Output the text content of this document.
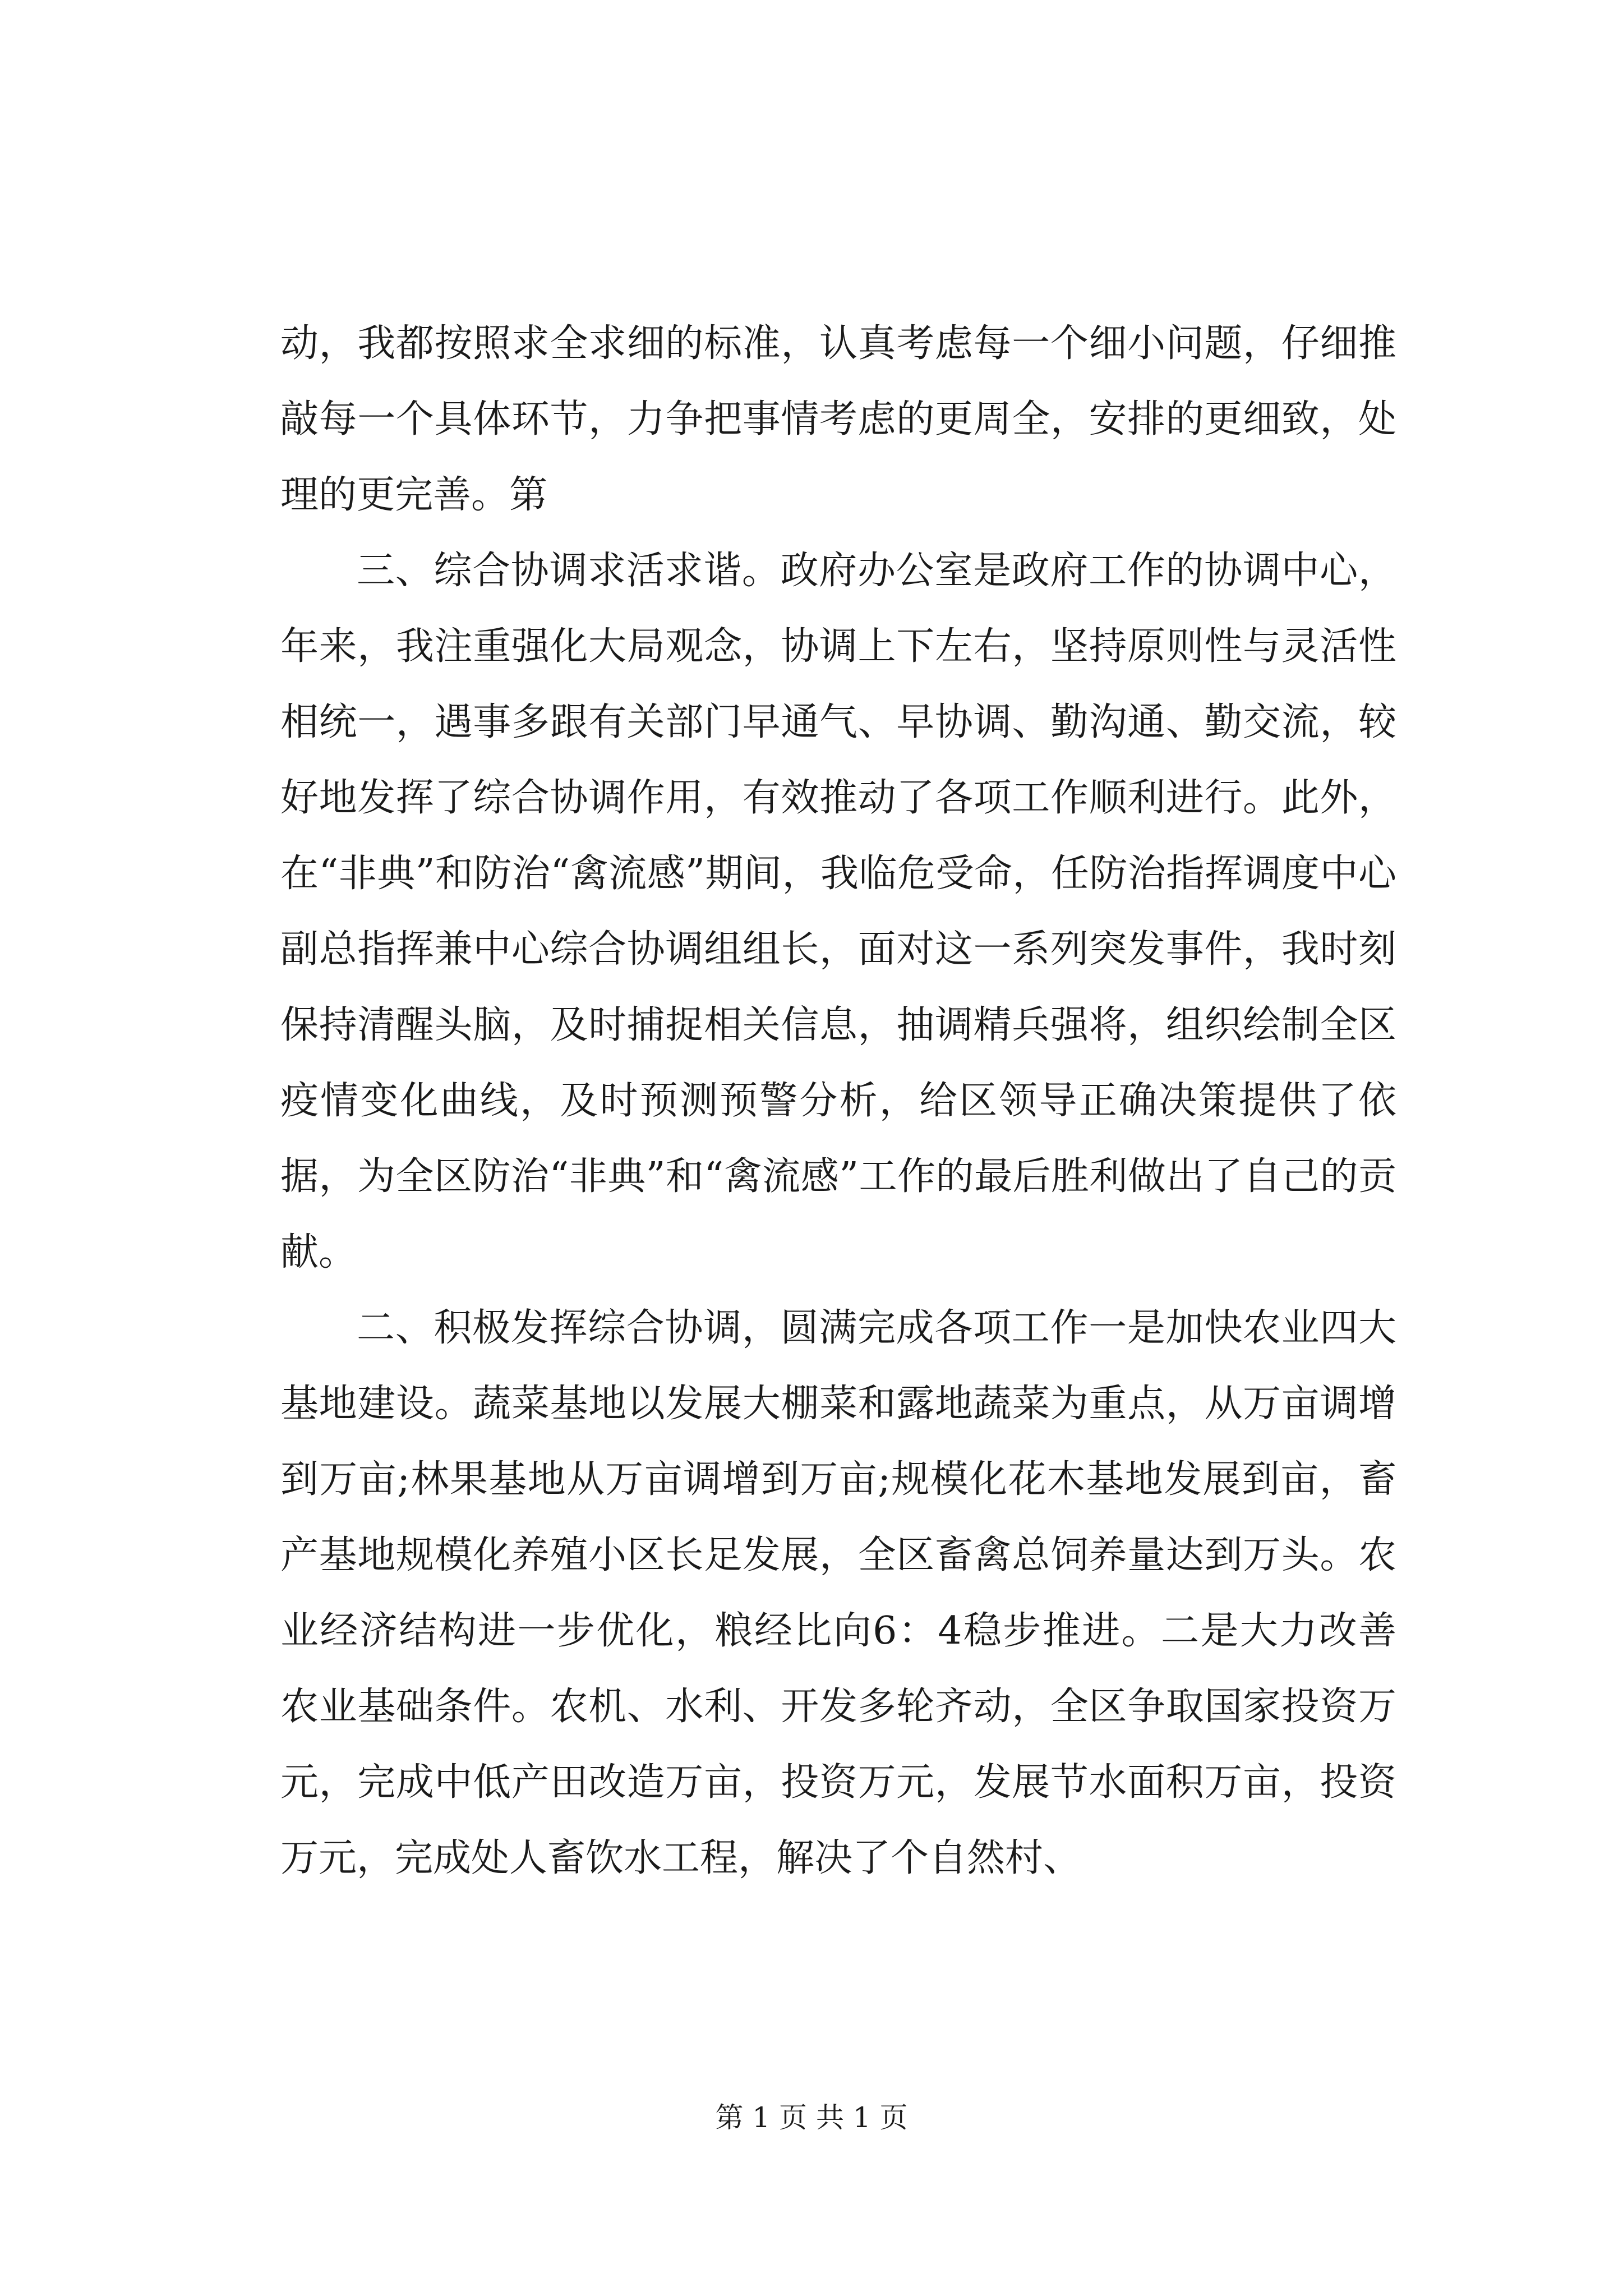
动，我都按照求全求细的标准，认真考虑每一个细小问题，仔细推敲每一个具体环节，力争把事情考虑的更周全，安排的更细致，处理的更完善。第

三、综合协调求活求谐。政府办公室是政府工作的协调中心，年来，我注重强化大局观念，协调上下左右，坚持原则性与灵活性相统一，遇事多跟有关部门早通气、早协调、勤沟通、勤交流，较好地发挥了综合协调作用，有效推动了各项工作顺利进行。此外，在“非典”和防治“禽流感”期间，我临危受命，任防治指挥调度中心副总指挥兼中心综合协调组组长，面对这一系列突发事件，我时刻保持清醒头脑，及时捕捉相关信息，抽调精兵强将，组织绘制全区疫情变化曲线，及时预测预警分析，给区领导正确决策提供了依据，为全区防治“非典”和“禽流感”工作的最后胜利做出了自己的贡献。

二、积极发挥综合协调，圆满完成各项工作一是加快农业四大基地建设。蔬菜基地以发展大棚菜和露地蔬菜为重点，从万亩调增到万亩;林果基地从万亩调增到万亩;规模化花木基地发展到亩，畜产基地规模化养殖小区长足发展，全区畜禽总饲养量达到万头。农业经济结构进一步优化，粮经比向6：4稳步推进。二是大力改善农业基础条件。农机、水利、开发多轮齐动，全区争取国家投资万元，完成中低产田改造万亩，投资万元，发展节水面积万亩，投资万元，完成处人畜饮水工程，解决了个自然村、

第 1 页 共 1 页
